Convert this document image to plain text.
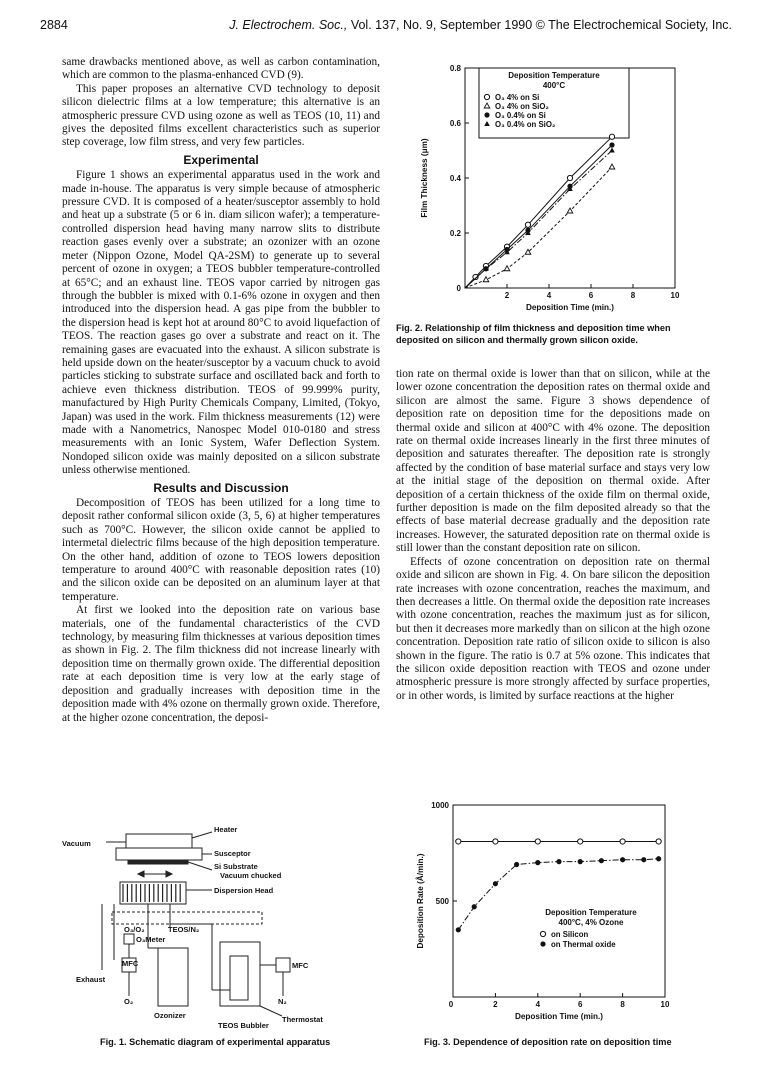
2884	J. Electrochem. Soc., Vol. 137, No. 9, September 1990 © The Electrochemical Society, Inc.

same drawbacks mentioned above, as well as carbon contamination, which are common to the plasma-enhanced CVD (9).

This paper proposes an alternative CVD technology to deposit silicon dielectric films at a low temperature; this alternative is an atmospheric pressure CVD using ozone as well as TEOS (10, 11) and gives the deposited films excellent characteristics such as superior step coverage, low film stress, and very few particles.

Experimental

Figure 1 shows an experimental apparatus used in the work and made in-house. The apparatus is very simple because of atmospheric pressure CVD. It is composed of a heater/susceptor assembly to hold and heat up a substrate (5 or 6 in. diam silicon wafer); a temperature-controlled dispersion head having many narrow slits to distribute reaction gases evenly over a substrate; an ozonizer with an ozone meter (Nippon Ozone, Model QA-2SM) to generate up to several percent of ozone in oxygen; a TEOS bubbler temperature-controlled at 65°C; and an exhaust line. TEOS vapor carried by nitrogen gas through the bubbler is mixed with 0.1-6% ozone in oxygen and then introduced into the dispersion head. A gas pipe from the bubbler to the dispersion head is kept hot at around 80°C to avoid liquefaction of TEOS. The reaction gases go over a substrate and react on it. The remaining gases are evacuated into the exhaust. A silicon substrate is held upside down on the heater/susceptor by a vacuum chuck to avoid particles sticking to substrate surface and oscillated back and forth to achieve even thickness distribution. TEOS of 99.999% purity, manufactured by High Purity Chemicals Company, Limited, (Tokyo, Japan) was used in the work. Film thickness measurements (12) were made with a Nanometrics, Nanospec Model 010-0180 and stress measurements with an Ionic System, Wafer Deflection System. Nondoped silicon oxide was mainly deposited on a silicon substrate unless otherwise mentioned.

Results and Discussion

Decomposition of TEOS has been utilized for a long time to deposit rather conformal silicon oxide (3, 5, 6) at higher temperatures such as 700°C. However, the silicon oxide cannot be applied to intermetal dielectric films because of the high deposition temperature. On the other hand, addition of ozone to TEOS lowers deposition temperature to around 400°C with reasonable deposition rates (10) and the silicon oxide can be deposited on an aluminum layer at that temperature.

At first we looked into the deposition rate on various base materials, one of the fundamental characteristics of the CVD technology, by measuring film thicknesses at various deposition times as shown in Fig. 2. The film thickness did not increase linearly with deposition time on thermally grown oxide. The differential deposition rate at each deposition time is very low at the early stage of deposition and gradually increases with deposition time in the deposition made with 4% ozone on thermally grown oxide. Therefore, at the higher ozone concentration, the deposi-

tion rate on thermal oxide is lower than that on silicon, while at the lower ozone concentration the deposition rates on thermal oxide and silicon are almost the same. Figure 3 shows dependence of deposition rate on deposition time for the depositions made on thermal oxide and silicon at 400°C with 4% ozone. The deposition rate on thermal oxide increases linearly in the first three minutes of deposition and saturates thereafter. The deposition rate is strongly affected by the condition of base material surface and stays very low at the initial stage of the deposition on thermal oxide. After deposition of a certain thickness of the oxide film on thermal oxide, further deposition is made on the film deposited already so that the effects of base material decrease gradually and the deposition rate increases. However, the saturated deposition rate on thermal oxide is still lower than the constant deposition rate on silicon.

Effects of ozone concentration on deposition rate on thermal oxide and silicon are shown in Fig. 4. On bare silicon the deposition rate increases with ozone concentration, reaches the maximum, and then decreases a little. On thermal oxide the deposition rate increases with ozone concentration, reaches the maximum just as for silicon, but then it decreases more markedly than on silicon at the high ozone concentration. Deposition rate ratio of silicon oxide to silicon is also shown in the figure. The ratio is 0.7 at 5% ozone. This indicates that the silicon oxide deposition reaction with TEOS and ozone under atmospheric pressure is more strongly affected by surface properties, or in other words, is limited by surface reactions at the higher

2	4	6	8	10
0
0.2
0.4
0.6
0.8
Deposition Time (min.)
Film Thickness (μm)
Deposition Temperature
400°C
O₃ 4% on Si
O₃ 4% on SiO₂
O₃ 0.4% on Si
O₃ 0.4% on SiO₂
Fig. 2. Relationship of film thickness and deposition time when deposited on silicon and thermally grown silicon oxide.
2	4	6	8	10
500
1000
0
Deposition Time (min.)
Deposition Rate (Å/min.)	Deposition Temperature
400°C, 4% Ozone
on Silicon
on Thermal oxide
Fig. 3. Dependence of deposition rate on deposition time
Heater
Vacuum
Susceptor
Si Substrate
Vacuum chucked
Dispersion Head
O₃/O₂	TEOS/N₂
O₃Meter
MFC	MFC
Exhaust
O₂	N₂
Ozonizer	Thermostat
TEOS Bubbler
Fig. 1. Schematic diagram of experimental apparatus
